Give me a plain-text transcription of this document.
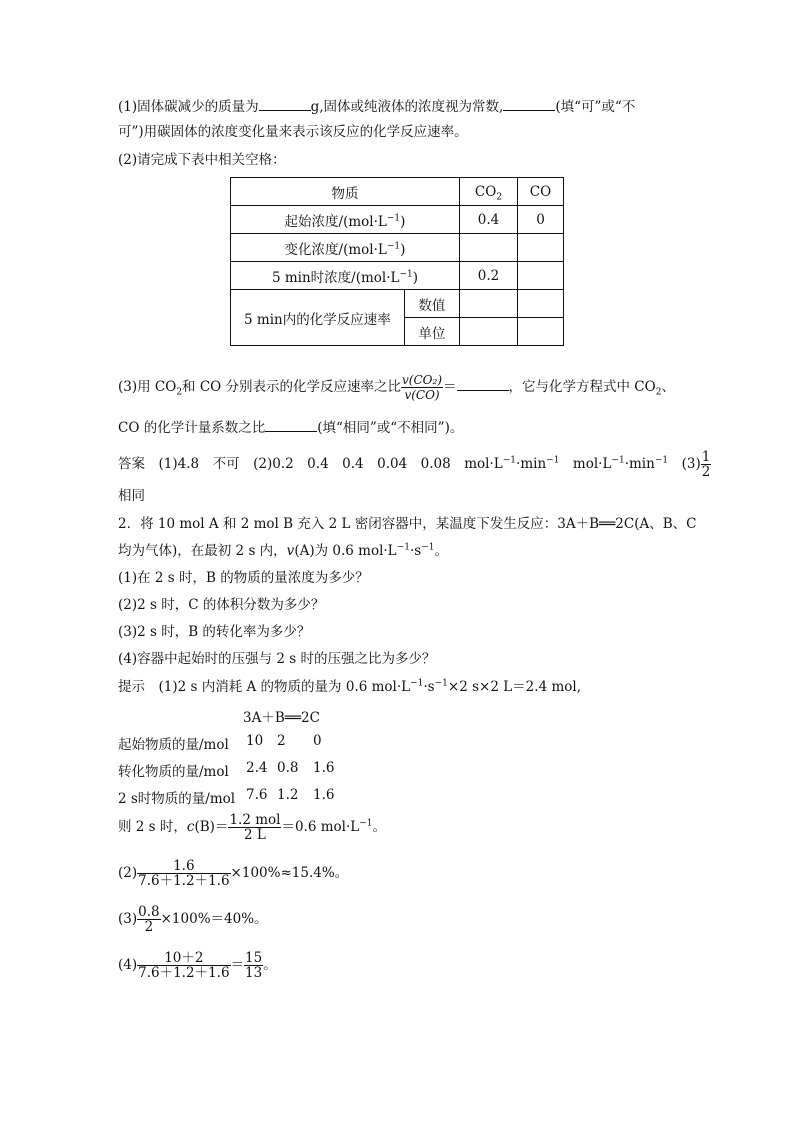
(1)固体碳减少的质量为	g,固体或纯液体的浓度视为常数,	(填“可”或“不
可”)用碳固体的浓度变化量来表示该反应的化学反应速率。
(2)请完成下表中相关空格：
物质		$CO_2$	CO
起始浓度$/(mol\cdot L^{-1})$		0.4	0
变化浓度$/(mol\cdot L^{-1})$			
5 min时浓度$/(mol\cdot L^{-1})$		0.2	
5 min内的化学反应速率	数值		
	单位		
(3)用 $CO_2$和 CO 分别表示的化学反应速率之比 $\frac{\text{v(CO₂)}}{v(CO)}$ ＝	，它与化学方程式中 $CO_2$、
CO 的化学计量系数之比	(填“相同”或“不相同”)。
答案　 (1)4.8　不可　(2)0.2　0.4　0.4　0.04　0.08　$mol\cdot L^{-1}\cdot\min^{-1}$　$mol\cdot L^{-1}\cdot\min^{-1}$　$(3) \frac{1}{2}$
相同
2．将 10 mol A 和 2 mol B 充入 2 L 密闭容器中，某温度下发生反应：3A＋B══2C(A、B、C
均为气体)，在最初 2 s 内，v(A)为 0.6 $mol\cdot L^{-1}\cdot s^{-1}$。
(1)在 2 s 时，B 的物质的量浓度为多少？
(2)2 s 时，C 的体积分数为多少？
(3)2 s 时，B 的转化率为多少？
(4)容器中起始时的压强与 2 s 时的压强之比为多少？
提示　 (1)2 s 内消耗 A 的物质的量为 0.6 $mol\cdot L^{-1}\cdot s^{-1}\times 2$ s×2 L＝2.4 mol,
3A＋B══2C
起始物质的量/mol 10 2 0
转化物质的量/mol 2.4 0.8 1.6
2 s时物质的量/mol 7.6 1.2 1.6
则 2 s 时，$c(B)= \frac{\text{1.2 mol}}{2 L} =0.6$ $mol\cdot L^{-1}$。
$(2) \frac{1.6}{7.6+1.2+1.6} \times 100\%\approx 15.4\%$。
$(3) \frac{0.8}{2} \times 100\%=40\%$。
$(4) \frac{10+2}{7.6+1.2+1.6} = \frac{15}{13}$ 。
